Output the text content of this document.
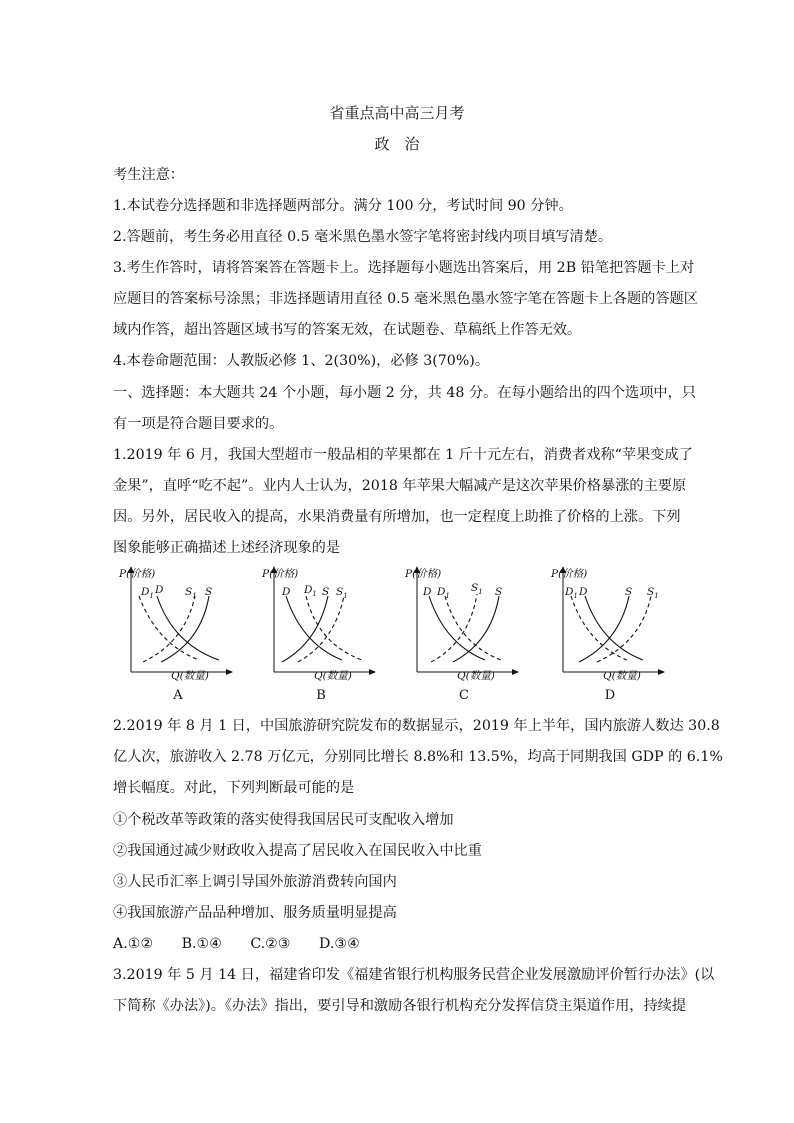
省重点高中高三月考
政　治
考生注意：
1.本试卷分选择题和非选择题两部分。满分 100 分，考试时间 90 分钟。
2.答题前，考生务必用直径 0.5 毫米黑色墨水签字笔将密封线内项目填写清楚。
3.考生作答时，请将答案答在答题卡上。选择题每小题选出答案后，用 2B 铅笔把答题卡上对
应题目的答案标号涂黑；非选择题请用直径 0.5 毫米黑色墨水签字笔在答题卡上各题的答题区
域内作答，超出答题区域书写的答案无效，在试题卷、草稿纸上作答无效。
4.本卷命题范围：人教版必修 1、2(30%)，必修 3(70%)。
一、选择题：本大题共 24 个小题，每小题 2 分，共 48 分。在每小题给出的四个选项中，只
有一项是符合题目要求的。
1.2019 年 6 月，我国大型超市一般品相的苹果都在 1 斤十元左右，消费者戏称“苹果变成了
金果”，直呼“吃不起”。业内人士认为，2018 年苹果大幅减产是这次苹果价格暴涨的主要原
因。另外，居民收入的提高，水果消费量有所增加，也一定程度上助推了价格的上涨。下列
图象能够正确描述上述经济现象的是
P(价格)
Q(数量)
$D_1$
D $S_1$ S
A
P(价格)
Q(数量)
D $D_1$ S $S_1$
B
P(价格)
Q(数量)
D $D_1$
$S_1$ S
C
P(价格)
Q(数量)
$D_1$ D	S $S_1$
D
2.2019 年 8 月 1 日，中国旅游研究院发布的数据显示，2019 年上半年，国内旅游人数达 30.8
亿人次，旅游收入 2.78 万亿元，分别同比增长 8.8%和 13.5%，均高于同期我国 GDP 的 6.1%
增长幅度。对此，下列判断最可能的是
①个税改革等政策的落实使得我国居民可支配收入增加
②我国通过减少财政收入提高了居民收入在国民收入中比重
③人民币汇率上调引导国外旅游消费转向国内
④我国旅游产品品种增加、服务质量明显提高
A.①②　　B.①④　　C.②③　　D.③④
3.2019 年 5 月 14 日，福建省印发《福建省银行机构服务民营企业发展激励评价暂行办法》(以
下简称《办法》)。《办法》指出，要引导和激励各银行机构充分发挥信贷主渠道作用，持续提
